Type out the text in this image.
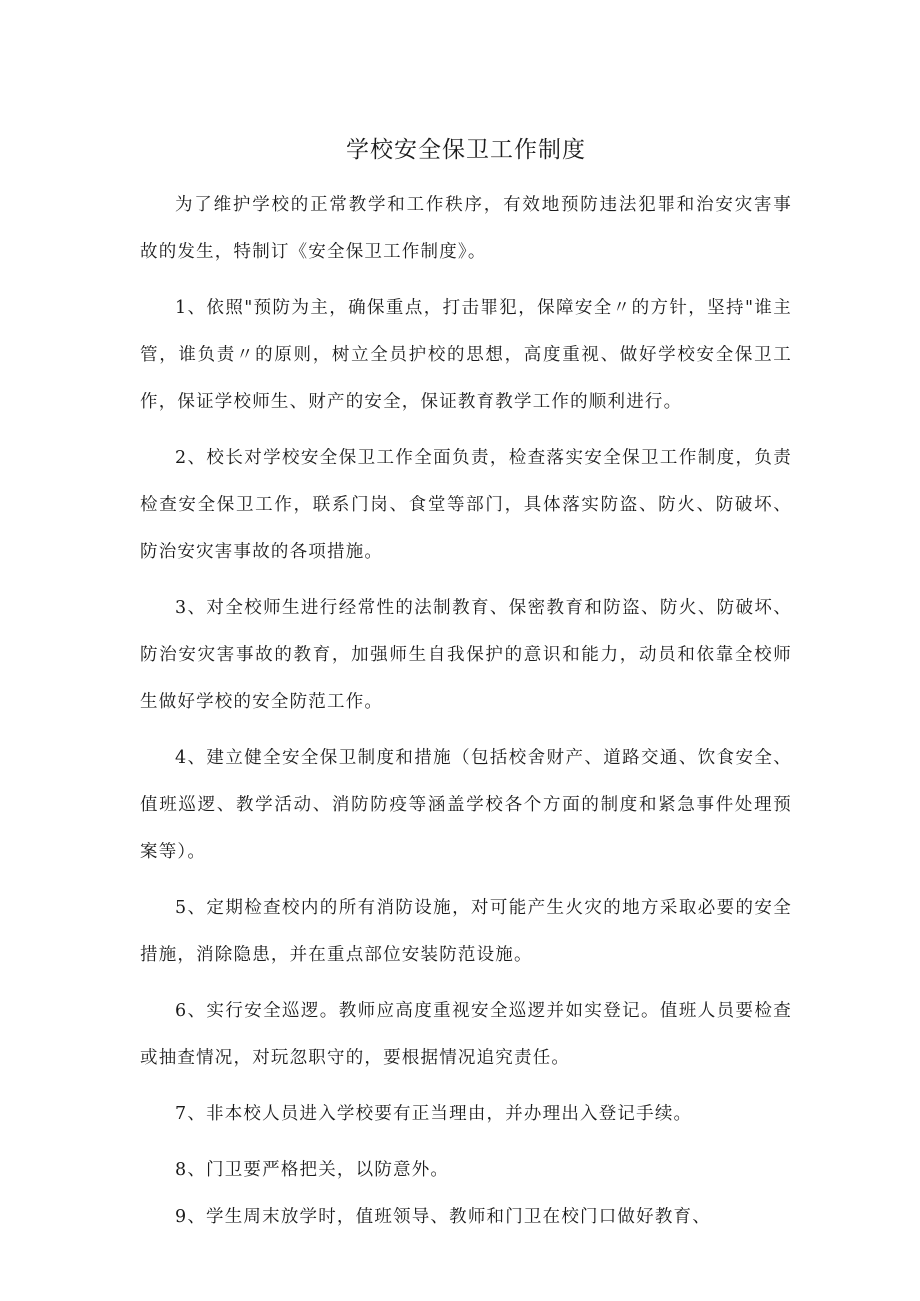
学校安全保卫工作制度

为了维护学校的正常教学和工作秩序，有效地预防违法犯罪和治安灾害事故的发生，特制订《安全保卫工作制度》。

1、依照"预防为主，确保重点，打击罪犯，保障安全〃的方针，坚持"谁主管，谁负责〃的原则，树立全员护校的思想，高度重视、做好学校安全保卫工作，保证学校师生、财产的安全，保证教育教学工作的顺利进行。

2、校长对学校安全保卫工作全面负责，检查落实安全保卫工作制度，负责检查安全保卫工作，联系门岗、食堂等部门，具体落实防盗、防火、防破坏、防治安灾害事故的各项措施。

3、对全校师生进行经常性的法制教育、保密教育和防盗、防火、防破坏、防治安灾害事故的教育，加强师生自我保护的意识和能力，动员和依靠全校师生做好学校的安全防范工作。

4、建立健全安全保卫制度和措施（包括校舍财产、道路交通、饮食安全、值班巡逻、教学活动、消防防疫等涵盖学校各个方面的制度和紧急事件处理预案等）。

5、定期检查校内的所有消防设施，对可能产生火灾的地方采取必要的安全措施，消除隐患，并在重点部位安装防范设施。

6、实行安全巡逻。教师应高度重视安全巡逻并如实登记。值班人员要检查或抽查情况，对玩忽职守的，要根据情况追究责任。

7、非本校人员进入学校要有正当理由，并办理出入登记手续。

8、门卫要严格把关，以防意外。

9、学生周末放学时，值班领导、教师和门卫在校门口做好教育、
